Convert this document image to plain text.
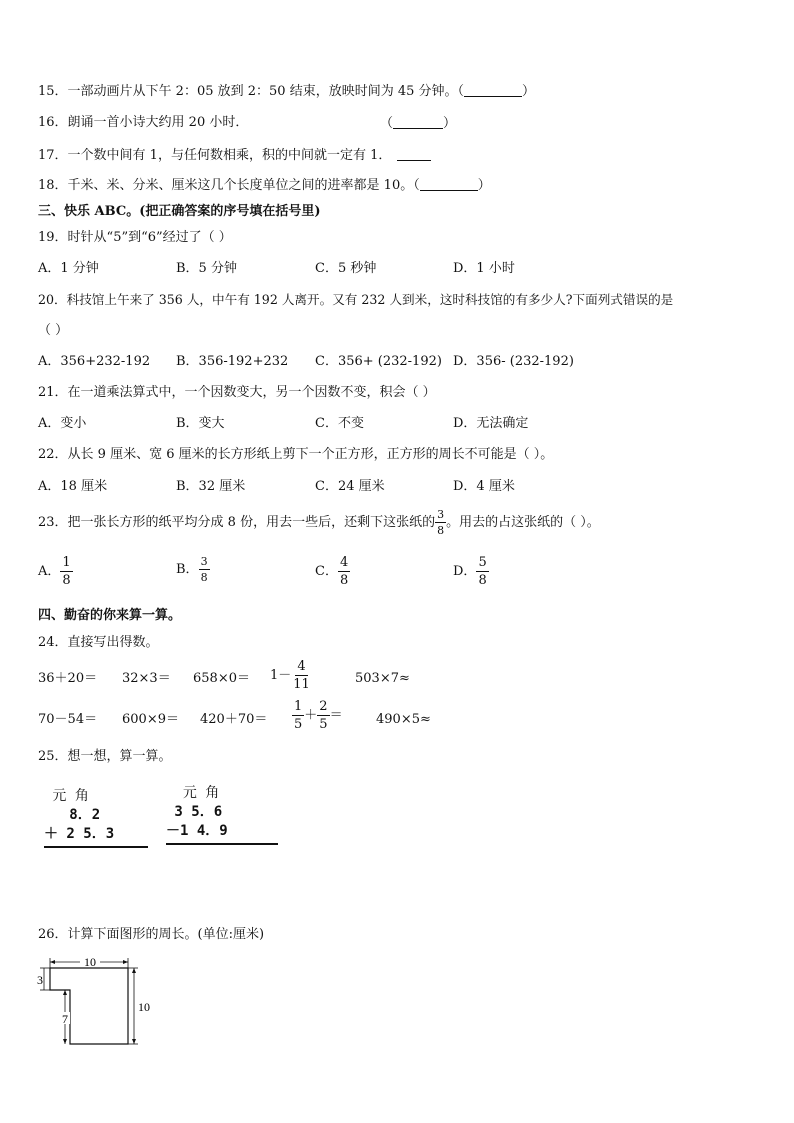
15．一部动画片从下午 2：05 放到 2：50 结束，放映时间为 45 分钟。（	）
16．朗诵一首小诗大约用 20 小时．	（	）
17．一个数中间有 1，与任何数相乘，积的中间就一定有 1．
18．千米、米、分米、厘米这几个长度单位之间的进率都是 10。（	）
三、快乐 ABC。(把正确答案的序号填在括号里)
19．时针从“5”到“6”经过了（ ）
A．1 分钟	B．5 分钟	C．5 秒钟	D．1 小时
20．科技馆上午来了 356 人，中午有 192 人离开。又有 232 人到米，这时科技馆的有多少人?下面列式错误的是
（ ）
A．356+232-192 B．356-192+232 C．356+ (232-192) D．356- (232-192)
21．在一道乘法算式中，一个因数变大，另一个因数不变，积会（ ）
A．变小	B．变大	C．不变	D．无法确定
22．从长 9 厘米、宽 6 厘米的长方形纸上剪下一个正方形，正方形的周长不可能是（ ）。
A．18 厘米	B．32 厘米	C．24 厘米	D．4 厘米
23．把一张长方形的纸平均分成 8 份，用去一些后，还剩下这张纸的 $\frac{3}{8}$ 。用去的占这张纸的（ ）。
A． $\frac{1}{8}$	B． $\frac{3}{8}$	C． $\frac{4}{8}$	D． $\frac{5}{8}$
四、勤奋的你来算一算。
24．直接写出得数。
$36+20= 32\times 3= 658\times 0= 1- \frac{4}{11}$	503×7≈
$70-54= 600\times 9= 420+70= \frac{1}{5} + \frac{2}{5}$ ＝	490×5≈
25．想一想，算一算。
元 角
8．2
＋ 2 5．3
元 角
3 5．6
－1 4．9
26．计算下面图形的周长。(单位:厘米)
10
3
7
10
